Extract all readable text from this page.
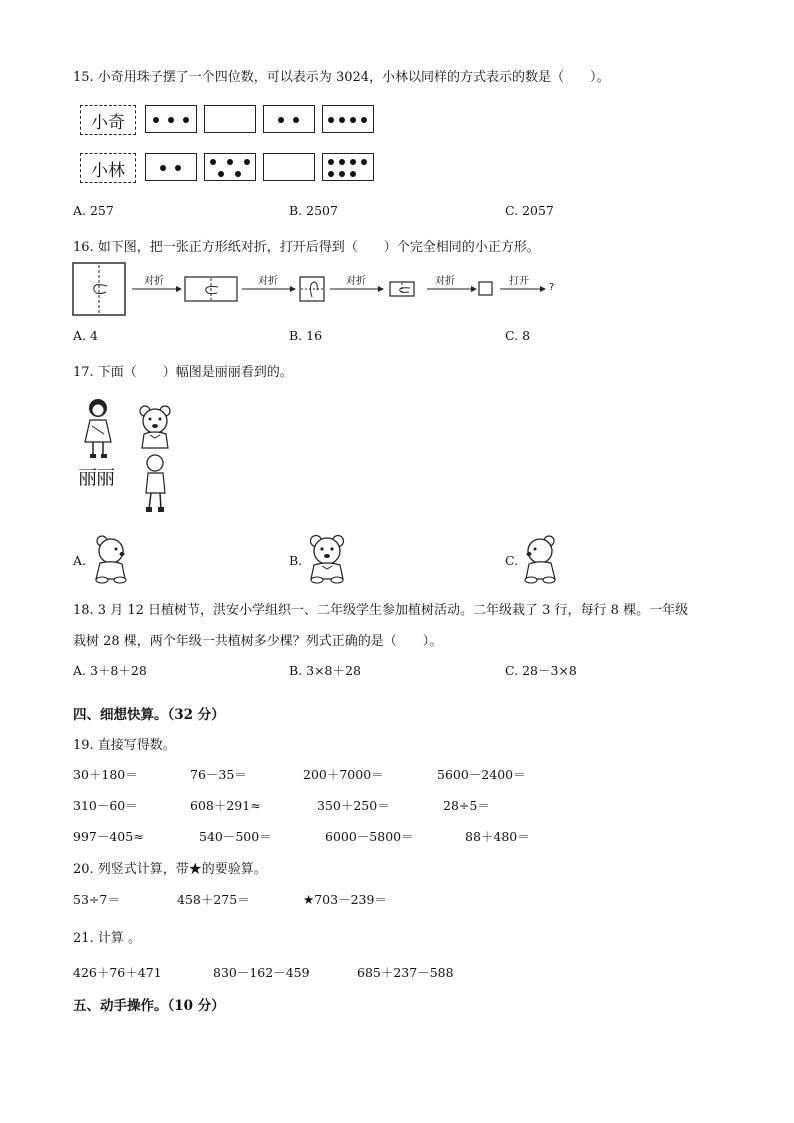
15. 小奇用珠子摆了一个四位数，可以表示为 3024，小林以同样的方式表示的数是（　　）。
小奇
小林
A. 257	B. 2507	C. 2057
16. 如下图，把一张正方形纸对折，打开后得到（　　）个完全相同的小正方形。
对折	对折	对折	对折	打开
?
A. 4	B. 16	C. 8
17. 下面（　　）幅图是丽丽看到的。
丽丽
A.	B.	C.
18. 3 月 12 日植树节，洪安小学组织一、二年级学生参加植树活动。二年级栽了 3 行，每行 8 棵。一年级
栽树 28 棵，两个年级一共植树多少棵？列式正确的是（　　）。
A. 3＋8＋28	B. 3×8＋28	C. 28－3×8
四、细想快算。（32 分）
19. 直接写得数。
30＋180＝	76－35＝	200＋7000＝	5600－2400＝
310－60＝	608＋291≈	350＋250＝	28÷5＝
997－405≈	540－500＝	6000－5800＝	88＋480＝
20. 列竖式计算，带★的要验算。
53÷7＝	458＋275＝	★703－239＝
21. 计算 。
426＋76＋471	830－162－459	685＋237－588
五、动手操作。（10 分）
